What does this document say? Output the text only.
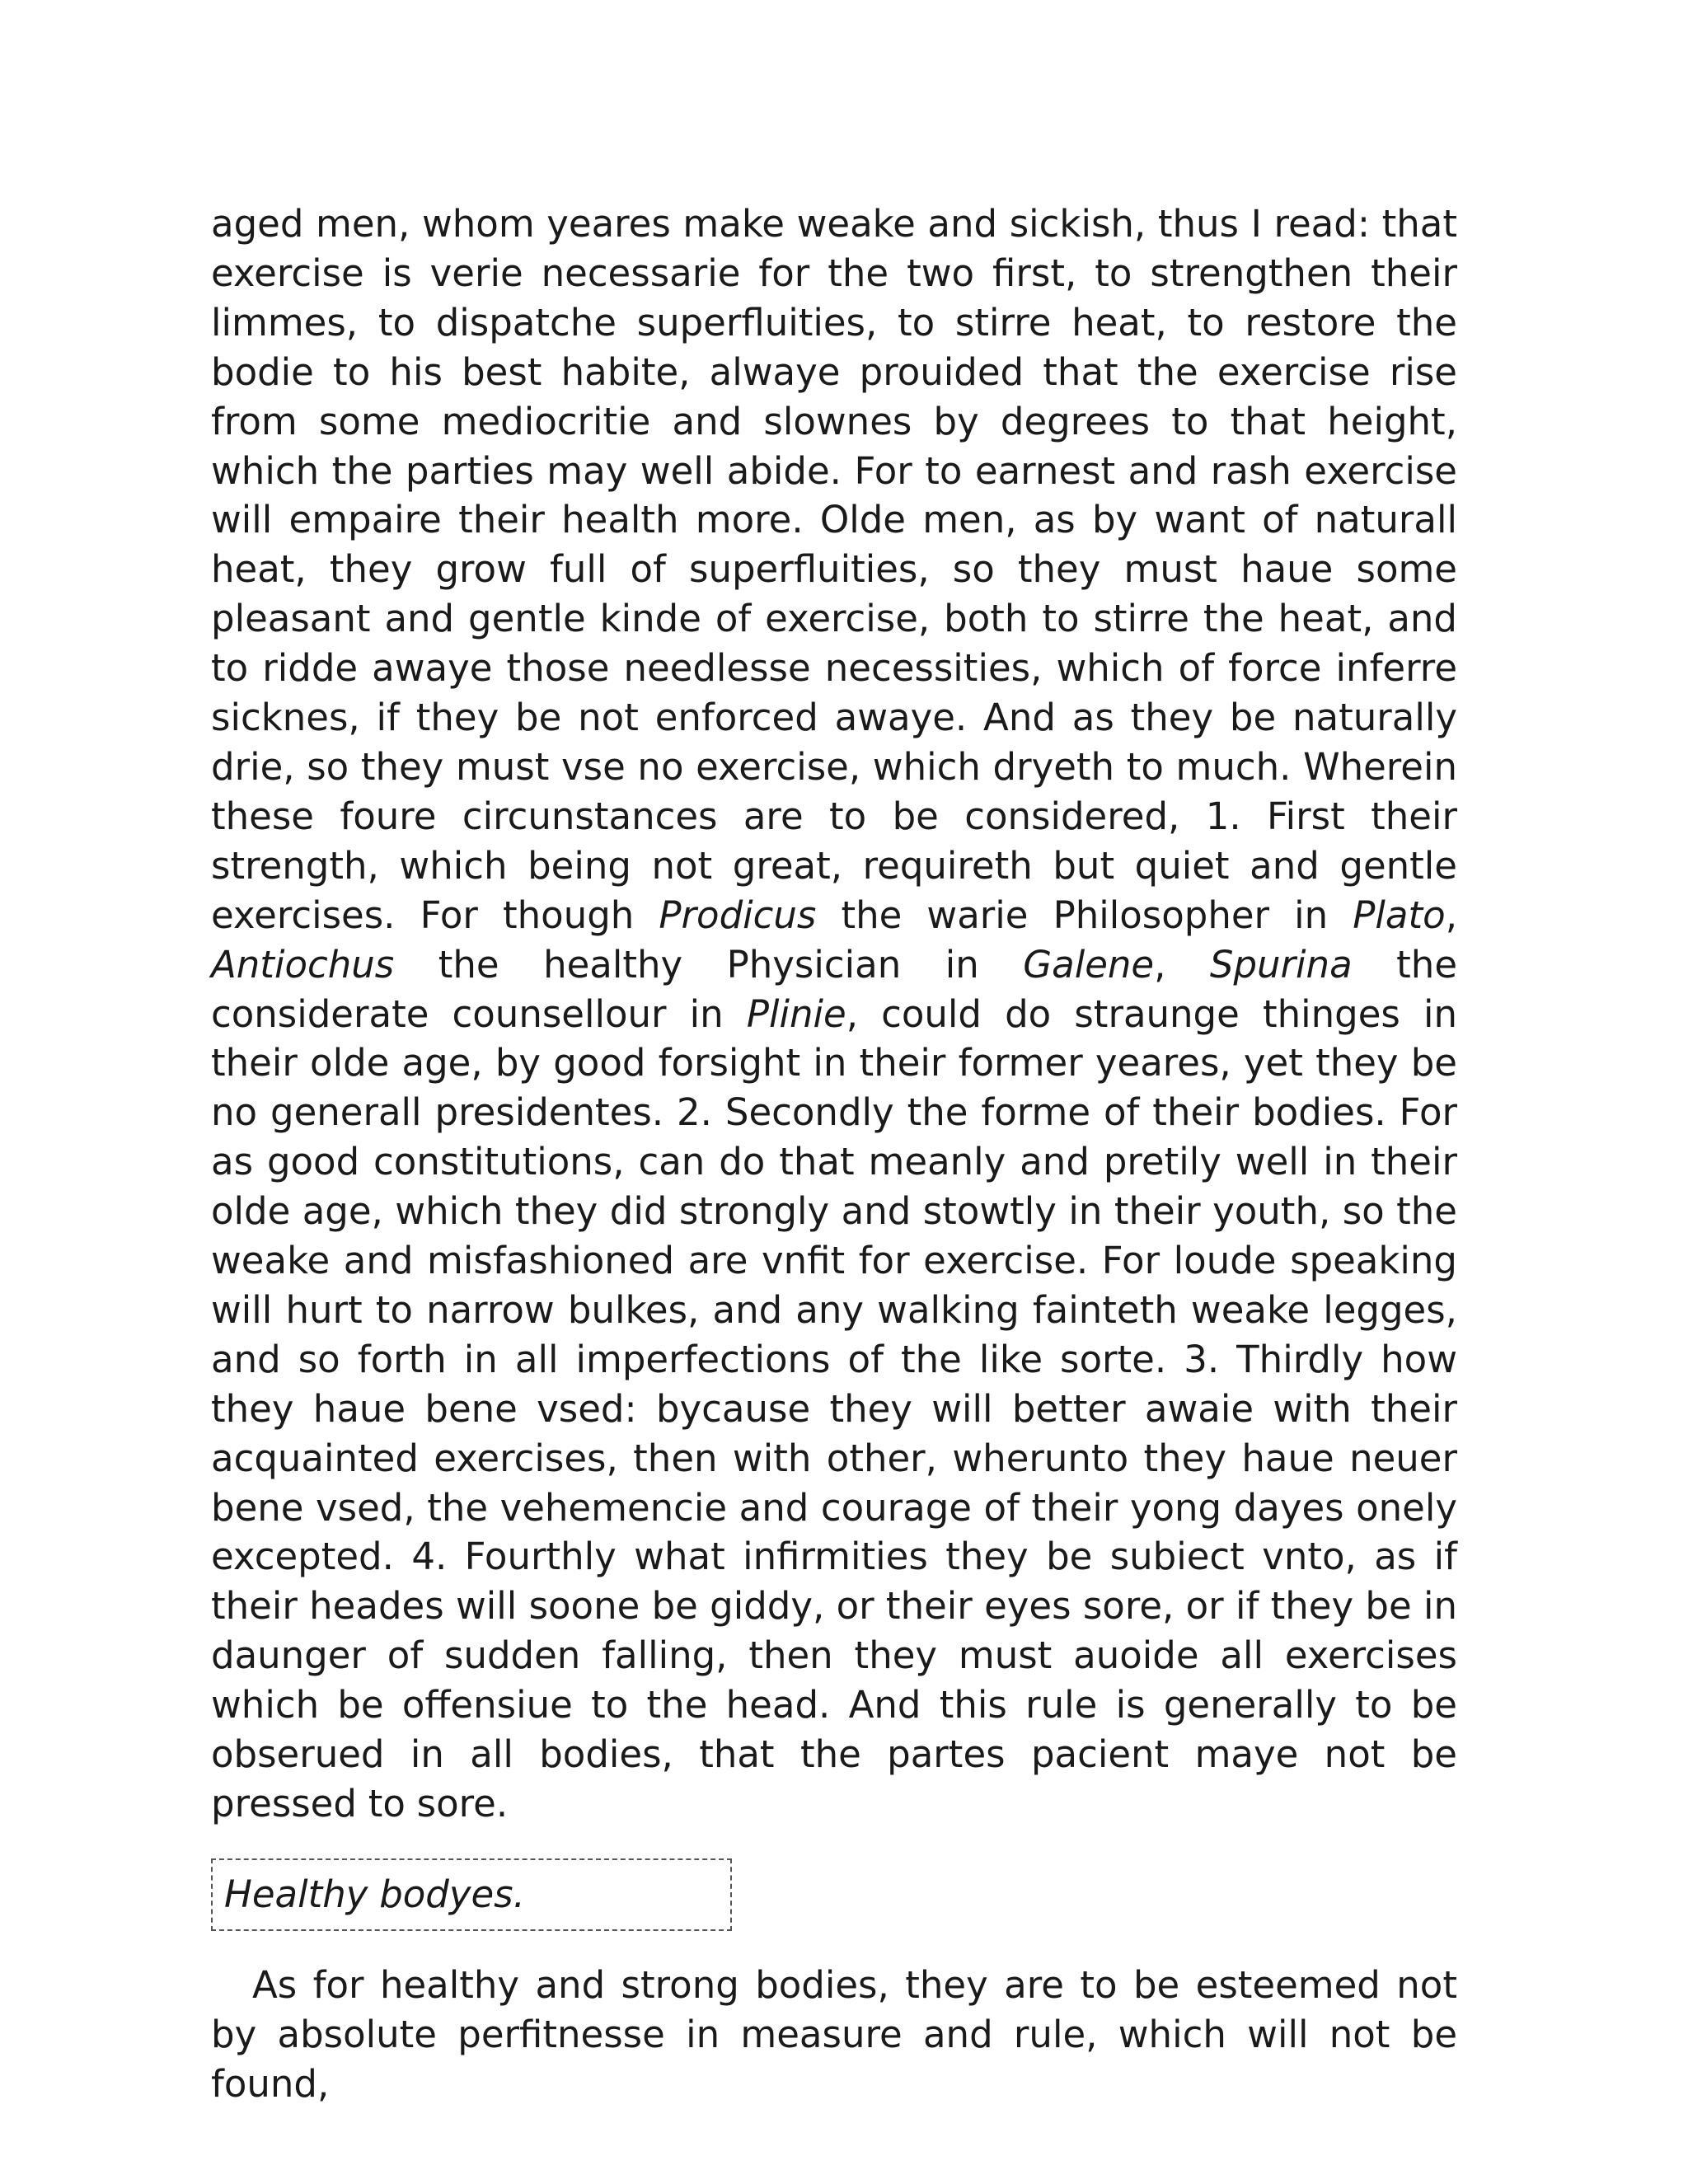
aged men, whom yeares make weake and sickish, thus I read: that exercise is verie necessarie for the two first, to strengthen their limmes, to dispatche superfluities, to stirre heat, to restore the bodie to his best habite, alwaye prouided that the exercise rise from some mediocritie and slownes by degrees to that height, which the parties may well abide. For to earnest and rash exercise will empaire their health more. Olde men, as by want of naturall heat, they grow full of superfluities, so they must haue some pleasant and gentle kinde of exercise, both to stirre the heat, and to ridde awaye those needlesse necessities, which of force inferre sicknes, if they be not enforced awaye. And as they be naturally drie, so they must vse no exercise, which dryeth to much. Wherein these foure circunstances are to be considered, 1. First their strength, which being not great, requireth but quiet and gentle exercises. For though Prodicus the warie Philosopher in Plato, Antiochus the healthy Physician in Galene, Spurina the considerate counsellour in Plinie, could do straunge thinges in their olde age, by good forsight in their former yeares, yet they be no generall presidentes. 2. Secondly the forme of their bodies. For as good constitutions, can do that meanly and pretily well in their olde age, which they did strongly and stowtly in their youth, so the weake and misfashioned are vnfit for exercise. For loude speaking will hurt to narrow bulkes, and any walking fainteth weake legges, and so forth in all imperfections of the like sorte. 3. Thirdly how they haue bene vsed: bycause they will better awaie with their acquainted exercises, then with other, wherunto they haue neuer bene vsed, the vehemencie and courage of their yong dayes onely excepted. 4. Fourthly what infirmities they be subiect vnto, as if their heades will soone be giddy, or their eyes sore, or if they be in daunger of sudden falling, then they must auoide all exercises which be offensiue to the head. And this rule is generally to be obserued in all bodies, that the partes pacient maye not be pressed to sore.

Healthy bodyes.

As for healthy and strong bodies, they are to be esteemed not by absolute perfitnesse in measure and rule, which will not be found,
